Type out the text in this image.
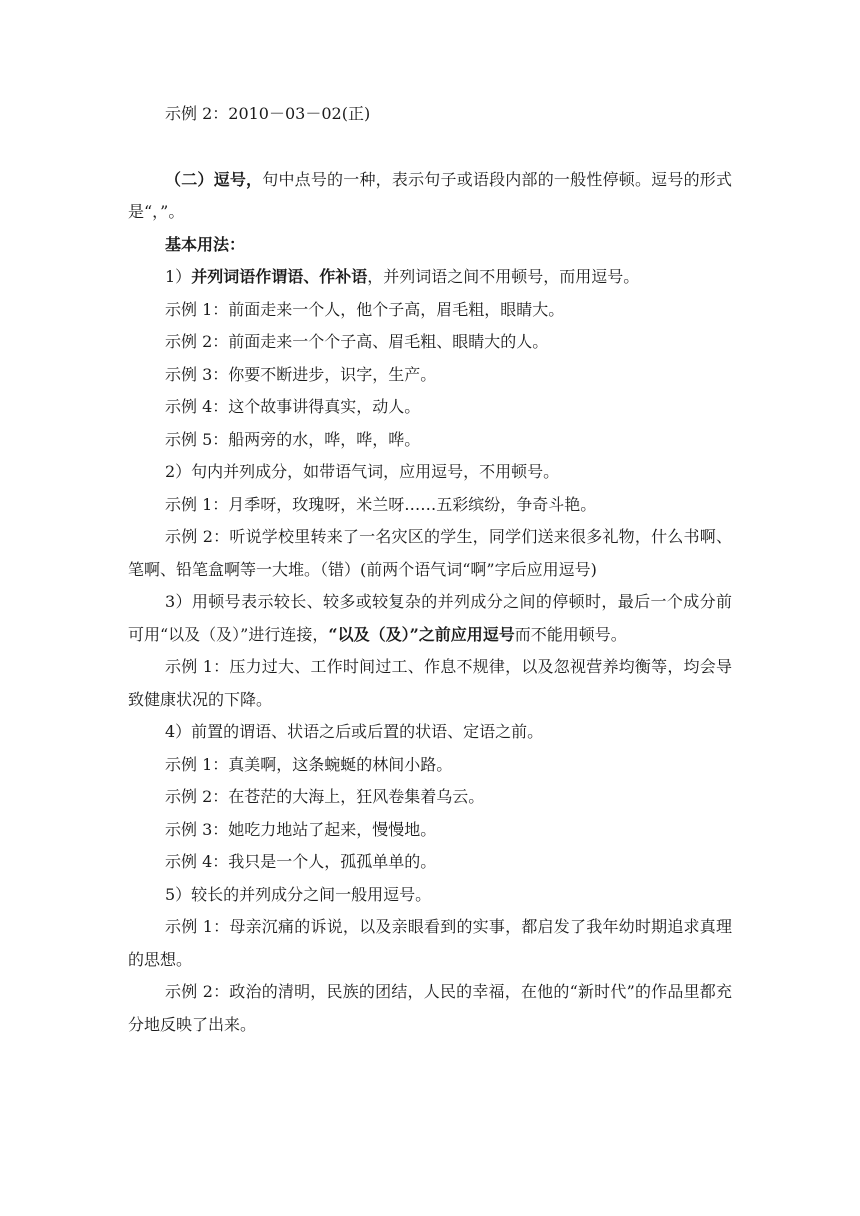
示例 2：2010－03－02(正)

（二）逗号，句中点号的一种，表示句子或语段内部的一般性停顿。逗号的形式是“，”。

基本用法：

1）并列词语作谓语、作补语，并列词语之间不用顿号，而用逗号。

示例 1：前面走来一个人，他个子高，眉毛粗，眼睛大。

示例 2：前面走来一个个子高、眉毛粗、眼睛大的人。

示例 3：你要不断进步，识字，生产。

示例 4：这个故事讲得真实，动人。

示例 5：船两旁的水，哗，哗，哗。

2）句内并列成分，如带语气词，应用逗号，不用顿号。

示例 1：月季呀，玫瑰呀，米兰呀……五彩缤纷，争奇斗艳。

示例 2：听说学校里转来了一名灾区的学生，同学们送来很多礼物，什么书啊、笔啊、铅笔盒啊等一大堆。（错）(前两个语气词“啊”字后应用逗号)

3）用顿号表示较长、较多或较复杂的并列成分之间的停顿时，最后一个成分前可用“以及（及）”进行连接，“以及（及）”之前应用逗号而不能用顿号。

示例 1：压力过大、工作时间过工、作息不规律，以及忽视营养均衡等，均会导致健康状况的下降。

4）前置的谓语、状语之后或后置的状语、定语之前。

示例 1：真美啊，这条蜿蜒的林间小路。

示例 2：在苍茫的大海上，狂风卷集着乌云。

示例 3：她吃力地站了起来，慢慢地。

示例 4：我只是一个人，孤孤单单的。

5）较长的并列成分之间一般用逗号。

示例 1：母亲沉痛的诉说，以及亲眼看到的实事，都启发了我年幼时期追求真理的思想。

示例 2：政治的清明，民族的团结，人民的幸福，在他的“新时代”的作品里都充分地反映了出来。
